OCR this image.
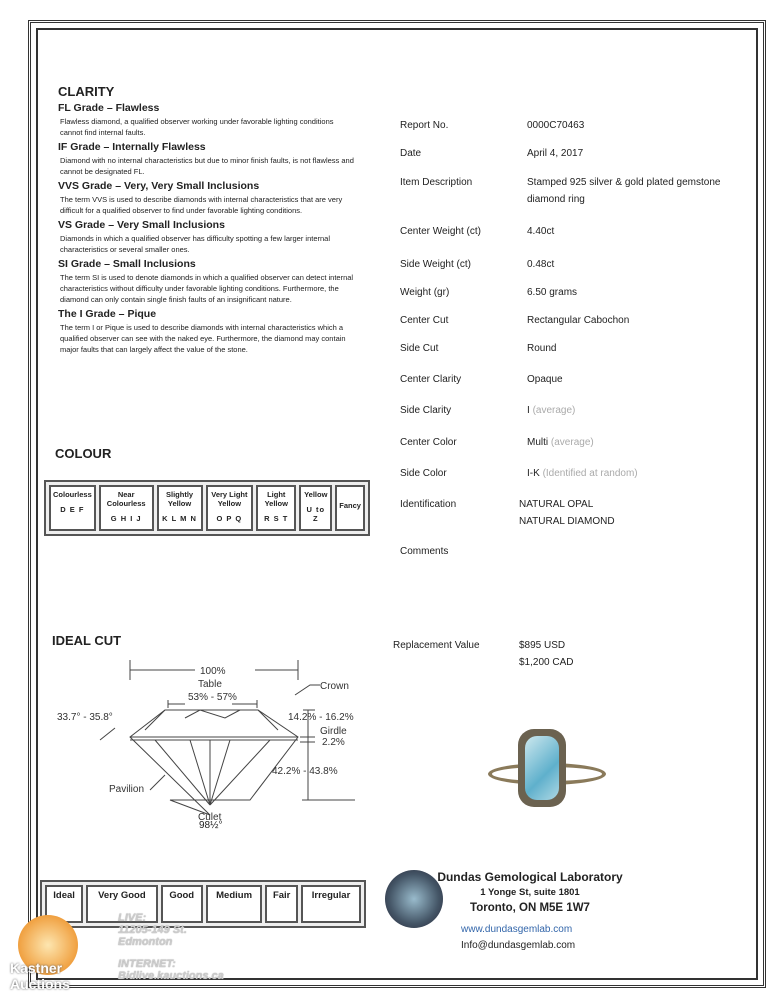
CLARITY
FL Grade – Flawless
Flawless diamond, a qualified observer working under favorable lighting conditions cannot find internal faults.
IF Grade – Internally Flawless
Diamond with no internal characteristics but due to minor finish faults, is not flawless and cannot be designated FL.
VVS Grade – Very, Very Small Inclusions
The term VVS is used to describe diamonds with internal characteristics that are very difficult for a qualified observer to find under favorable lighting conditions.
VS Grade – Very Small Inclusions
Diamonds in which a qualified observer has difficulty spotting a few larger internal characteristics or several smaller ones.
SI Grade – Small Inclusions
The term SI is used to denote diamonds in which a qualified observer can detect internal characteristics without difficulty under favorable lighting conditions. Furthermore, the diamond can only contain single finish faults of an insignificant nature.
The I Grade – Pique
The term I or Pique is used to describe diamonds with internal characteristics which a qualified observer can see with the naked eye. Furthermore, the diamond may contain major faults that can largely affect the value of the stone.
COLOUR
Colourless
D E F

Near Colourless
G H I J

Slightly Yellow
K L M N

Very Light Yellow
O P Q

Light Yellow
R S T

Yellow
U to Z

Fancy
IDEAL CUT
100%
Table
53% - 57%
Crown
33.7° - 35.8°	14.2% - 16.2%
Girdle
2.2%
42.2% - 43.8%
Pavilion
Culet
98½°
Ideal	Very Good	Good	Medium	Fair	Irregular
Report No.	0000C70463
Date	April 4, 2017
Item Description	Stamped 925 silver & gold plated gemstone diamond ring
Center Weight (ct)	4.40ct
Side Weight (ct)	0.48ct
Weight (gr)	6.50 grams
Center Cut	Rectangular Cabochon
Side Cut	Round
Center Clarity	Opaque
Side Clarity	I (average)
Center Color	Multi (average)
Side Color	I-K (Identified at random)
Identification	NATURAL OPAL
NATURAL DIAMOND
Comments
Replacement Value	$895 USD
$1,200 CAD
Dundas Gemological Laboratory
1 Yonge St, suite 1801
Toronto, ON M5E 1W7
www.dundasgemlab.com
Info@dundasgemlab.com
Kastner Auctions
LIVE:
11205-149 St.
Edmonton
INTERNET:
Bidlive.kauctions.ca
